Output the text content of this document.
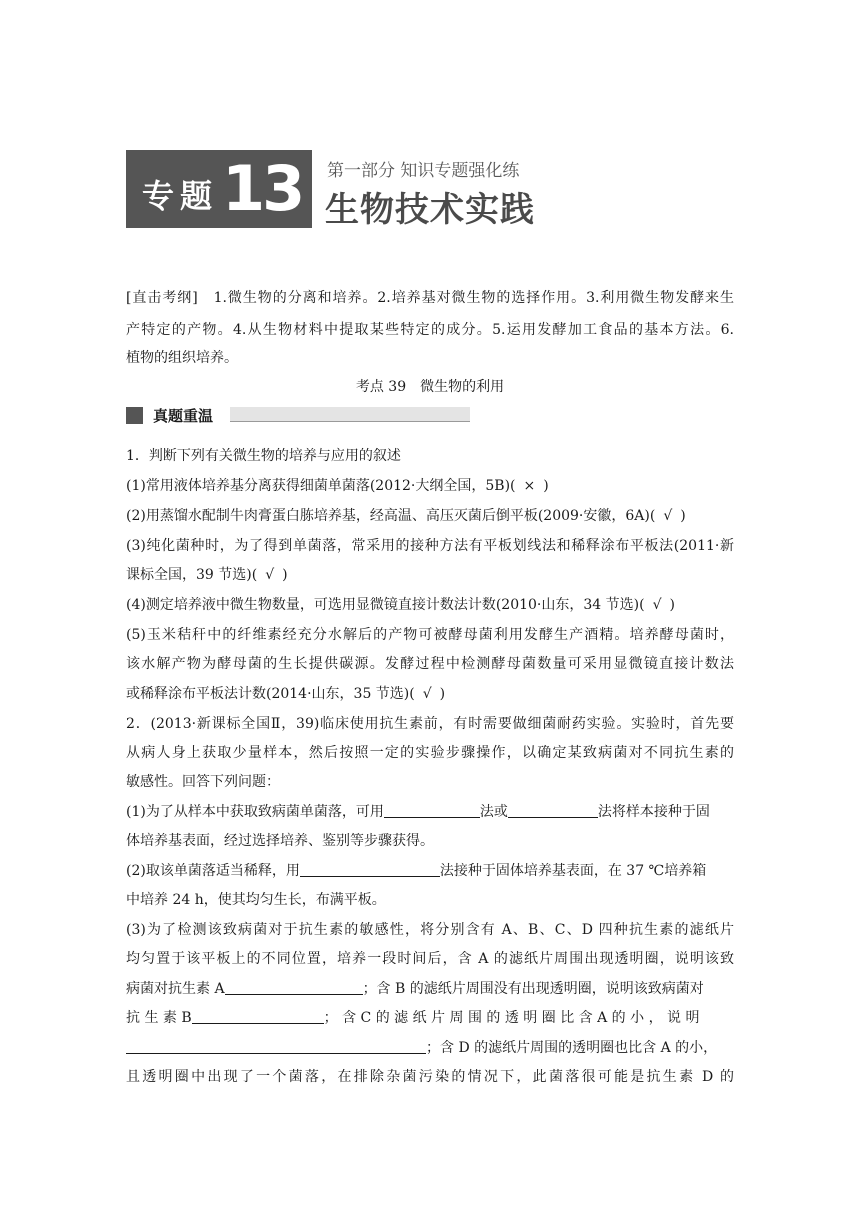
专题 13 第一部分 知识专题强化练
生物技术实践
[直击考纲]　1.微生物的分离和培养。2.培养基对微生物的选择作用。3.利用微生物发酵来生
产特定的产物。4.从生物材料中提取某些特定的成分。5.运用发酵加工食品的基本方法。6.
植物的组织培养。
考点 39　微生物的利用
真题重温
1．判断下列有关微生物的培养与应用的叙述
(1)常用液体培养基分离获得细菌单菌落(2012·大纲全国，5B)( × )
(2)用蒸馏水配制牛肉膏蛋白胨培养基，经高温、高压灭菌后倒平板(2009·安徽，6A)( √ )
(3)纯化菌种时，为了得到单菌落，常采用的接种方法有平板划线法和稀释涂布平板法(2011·新
课标全国，39 节选)( √ )
(4)测定培养液中微生物数量，可选用显微镜直接计数法计数(2010·山东，34 节选)( √ )
(5)玉米秸秆中的纤维素经充分水解后的产物可被酵母菌利用发酵生产酒精。培养酵母菌时，
该水解产物为酵母菌的生长提供碳源。发酵过程中检测酵母菌数量可采用显微镜直接计数法
或稀释涂布平板法计数(2014·山东，35 节选)( √ )
2．(2013·新课标全国Ⅱ，39)临床使用抗生素前，有时需要做细菌耐药实验。实验时，首先要
从病人身上获取少量样本，然后按照一定的实验步骤操作，以确定某致病菌对不同抗生素的
敏感性。回答下列问题：
(1)为了从样本中获取致病菌单菌落，可用	法或	法将样本接种于固
体培养基表面，经过选择培养、鉴别等步骤获得。
(2)取该单菌落适当稀释，用	法接种于固体培养基表面，在 37 ℃培养箱
中培养 24 h，使其均匀生长，布满平板。
(3)为了检测该致病菌对于抗生素的敏感性，将分别含有 A、B、C、D 四种抗生素的滤纸片
均匀置于该平板上的不同位置，培养一段时间后，含 A 的滤纸片周围出现透明圈，说明该致
病菌对抗生素 A	；含 B 的滤纸片周围没有出现透明圈，说明该致病菌对
抗 生 素 B	； 含 C 的 滤 纸 片 周 围 的 透 明 圈 比 含 A 的 小 ， 说 明
；含 D 的滤纸片周围的透明圈也比含 A 的小，
且透明圈中出现了一个菌落，在排除杂菌污染的情况下，此菌落很可能是抗生素 D 的
